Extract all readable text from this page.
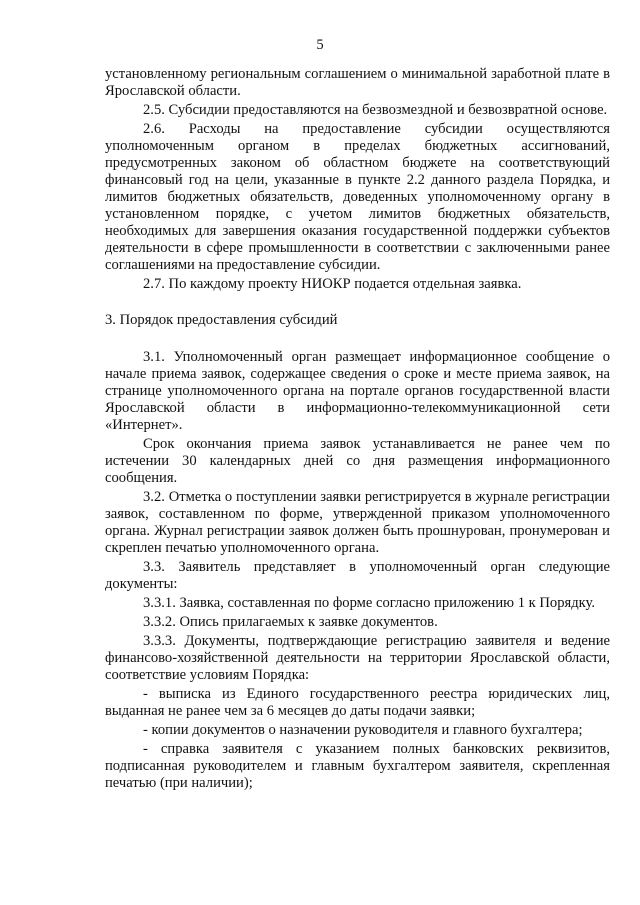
5

установленному региональным соглашением о минимальной заработной плате в Ярославской области.

2.5. Субсидии предоставляются на безвозмездной и безвозвратной основе.

2.6. Расходы на предоставление субсидии осуществляются уполномоченным органом в пределах бюджетных ассигнований, предусмотренных законом об областном бюджете на соответствующий финансовый год на цели, указанные в пункте 2.2 данного раздела Порядка, и лимитов бюджетных обязательств, доведенных уполномоченному органу в установленном порядке, с учетом лимитов бюджетных обязательств, необходимых для завершения оказания государственной поддержки субъектов деятельности в сфере промышленности в соответствии с заключенными ранее соглашениями на предоставление субсидии.

2.7. По каждому проекту НИОКР подается отдельная заявка.

3. Порядок предоставления субсидий

3.1. Уполномоченный орган размещает информационное сообщение о начале приема заявок, содержащее сведения о сроке и месте приема заявок, на странице уполномоченного органа на портале органов государственной власти Ярославской области в информационно-телекоммуникационной сети «Интернет».

Срок окончания приема заявок устанавливается не ранее чем по истечении 30 календарных дней со дня размещения информационного сообщения.

3.2. Отметка о поступлении заявки регистрируется в журнале регистрации заявок, составленном по форме, утвержденной приказом уполномоченного органа. Журнал регистрации заявок должен быть прошнурован, пронумерован и скреплен печатью уполномоченного органа.

3.3. Заявитель представляет в уполномоченный орган следующие документы:

3.3.1. Заявка, составленная по форме согласно приложению 1 к Порядку.

3.3.2. Опись прилагаемых к заявке документов.

3.3.3. Документы, подтверждающие регистрацию заявителя и ведение финансово-хозяйственной деятельности на территории Ярославской области, соответствие условиям Порядка:

- выписка из Единого государственного реестра юридических лиц, выданная не ранее чем за 6 месяцев до даты подачи заявки;

- копии документов о назначении руководителя и главного бухгалтера;

- справка заявителя с указанием полных банковских реквизитов, подписанная руководителем и главным бухгалтером заявителя, скрепленная печатью (при наличии);
